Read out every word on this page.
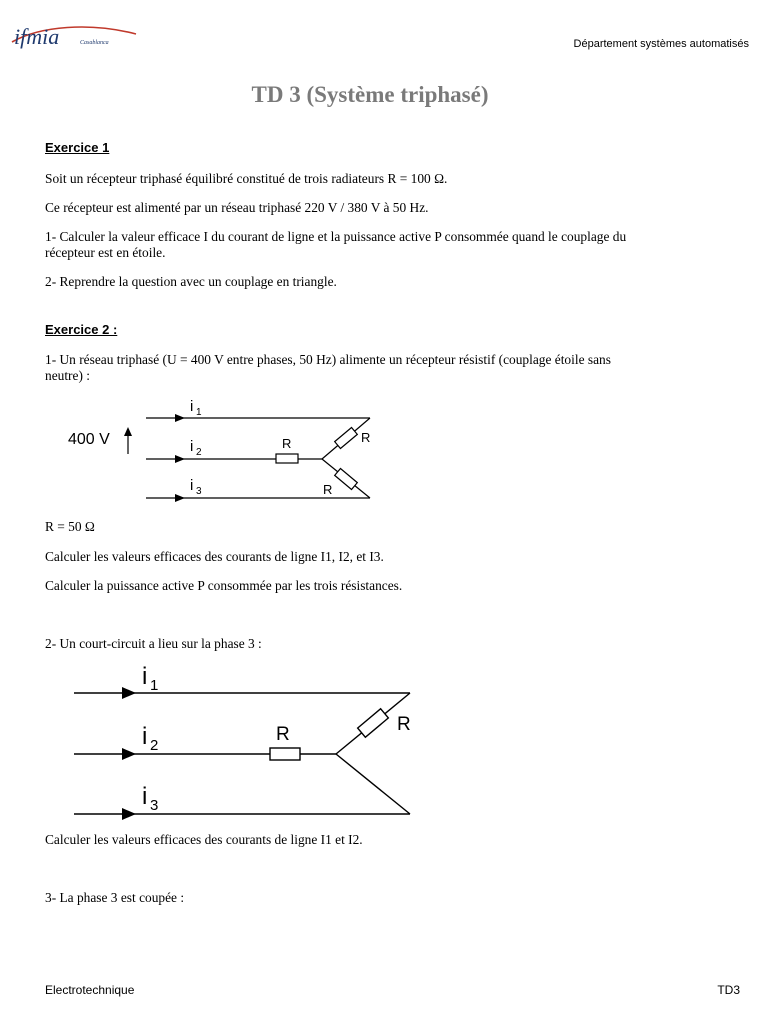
ifmia	Casablanca	Département systèmes automatisés
TD 3 (Système triphasé)
Exercice 1
Soit un récepteur triphasé équilibré constitué de trois radiateurs R = 100 Ω.
Ce récepteur est alimenté par un réseau triphasé 220 V / 380 V à 50 Hz.
1- Calculer la valeur efficace I du courant de ligne et la puissance active P consommée quand le couplage du
récepteur est en étoile.
2- Reprendre la question avec un couplage en triangle.
Exercice 2 :
1- Un réseau triphasé (U = 400 V entre phases, 50 Hz) alimente un récepteur résistif (couplage étoile sans
neutre) :
400 V
i 1
i 2
i 3
R	R
R
R = 50 Ω
Calculer les valeurs efficaces des courants de ligne I1, I2, et I3.
Calculer la puissance active P consommée par les trois résistances.
2- Un court-circuit a lieu sur la phase 3 :
i 1
i 2
i 3
R	R
Calculer les valeurs efficaces des courants de ligne I1 et I2.
3- La phase 3 est coupée :
Electrotechnique	TD3
